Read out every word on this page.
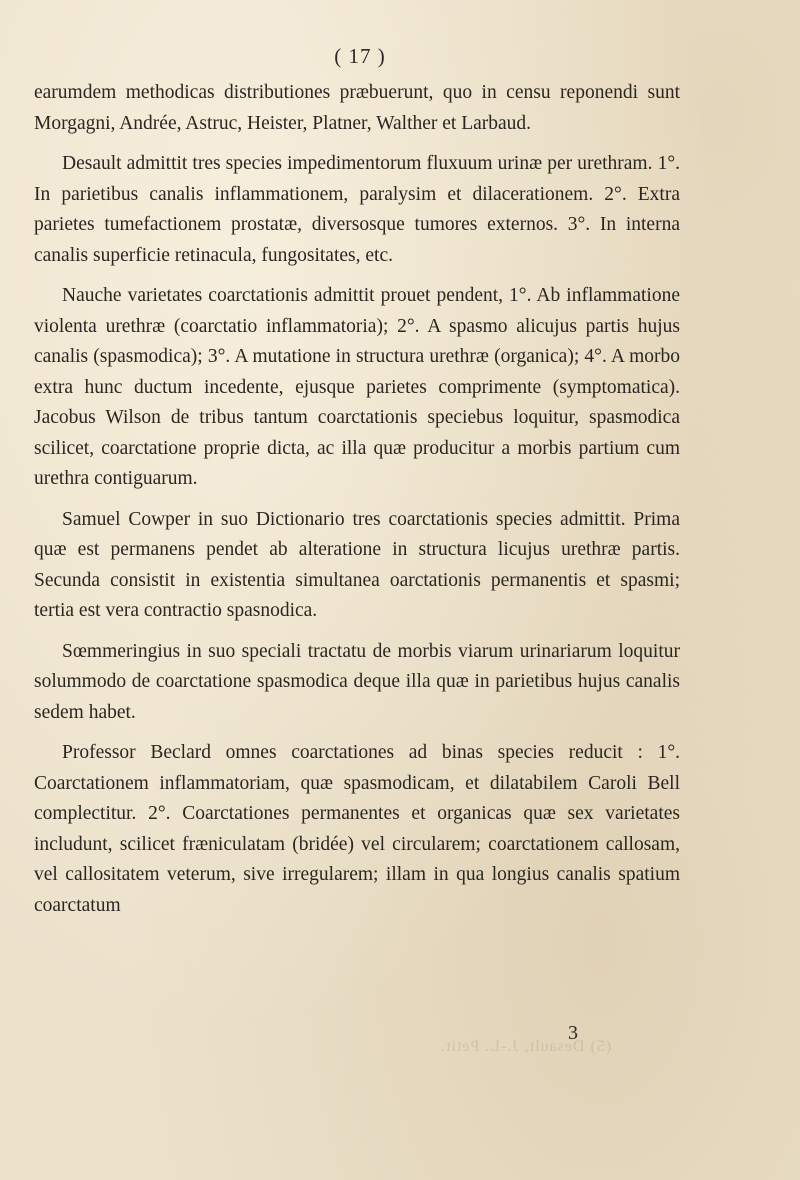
( 17 )

earumdem methodicas distributiones præbuerunt, quo in censu reponendi sunt Morgagni, Andrée, Astruc, Heister, Platner, Walther et Larbaud.

Desault admittit tres species impedimentorum fluxuum urinæ per urethram. 1°. In parietibus canalis inflammationem, paralysim et dilacerationem. 2°. Extra parietes tumefactionem prostatæ, diversosque tumores externos. 3°. In interna canalis superficie retinacula, fungositates, etc.

Nauche varietates coarctationis admittit prouet pendent, 1°. Ab inflammatione violenta urethræ (coarctatio inflammatoria); 2°. A spasmo alicujus partis hujus canalis (spasmodica); 3°. A mutatione in structura urethræ (organica); 4°. A morbo extra hunc ductum incedente, ejusque parietes comprimente (symptomatica). Jacobus Wilson de tribus tantum coarctationis speciebus loquitur, spasmodica scilicet, coarctatione proprie dicta, ac illa quæ producitur a morbis partium cum urethra contiguarum.

Samuel Cowper in suo Dictionario tres coarctationis species admittit. Prima quæ est permanens pendet ab alteratione in structura licujus urethræ partis. Secunda consistit in existentia simultanea oarctationis permanentis et spasmi; tertia est vera contractio spasnodica.

Sœmmeringius in suo speciali tractatu de morbis viarum urinariarum loquitur solummodo de coarctatione spasmodica deque illa quæ in parietibus hujus canalis sedem habet.

Professor Beclard omnes coarctationes ad binas species reducit : 1°. Coarctationem inflammatoriam, quæ spasmodicam, et dilatabilem Caroli Bell complectitur. 2°. Coarctationes permanentes et organicas quæ sex varietates includunt, scilicet fræniculatam (bridée) vel circularem; coarctationem callosam, vel callositatem veterum, sive irregularem; illam in qua longius canalis spatium coarctatum

(5) Desault, J.-L. Petit.
3
